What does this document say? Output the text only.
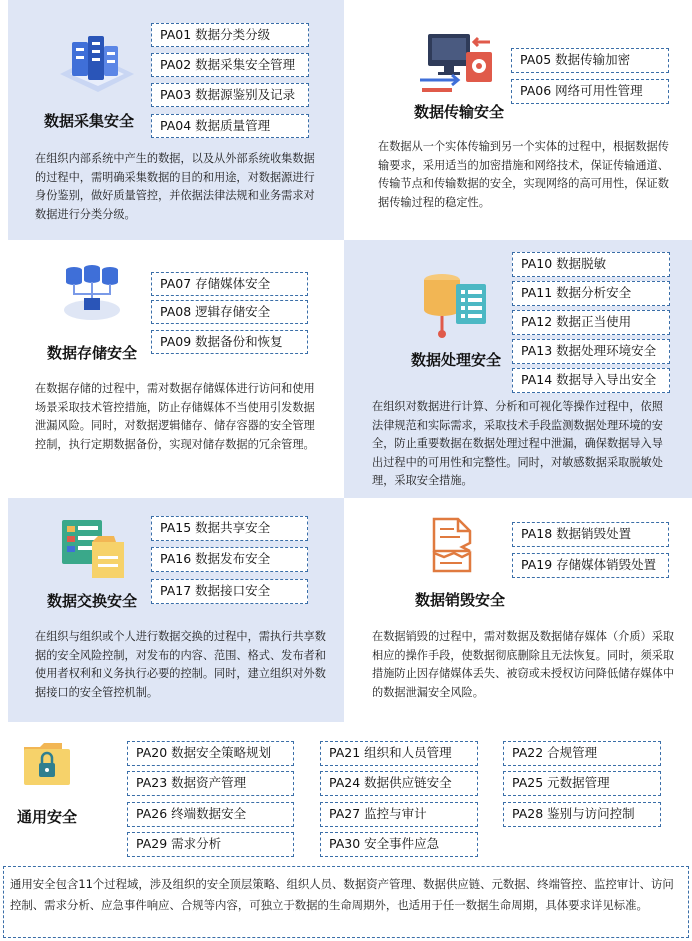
数据采集安全
PA01 数据分类分级
PA02 数据采集安全管理
PA03 数据源鉴别及记录
PA04 数据质量管理

在组织内部系统中产生的数据，以及从外部系统收集数据的过程中，需明确采集数据的目的和用途，对数据源进行身份鉴别，做好质量管控，并依据法律法规和业务需求对数据进行分类分级。

数据传输安全
PA05 数据传输加密
PA06 网络可用性管理

在数据从一个实体传输到另一个实体的过程中，根据数据传输要求，采用适当的加密措施和网络技术，保证传输通道、传输节点和传输数据的安全，实现网络的高可用性，保证数据传输过程的稳定性。

数据存储安全
PA07 存储媒体安全
PA08 逻辑存储安全
PA09 数据备份和恢复

在数据存储的过程中，需对数据存储媒体进行访问和使用场景采取技术管控措施，防止存储媒体不当使用引发数据泄漏风险。同时，对数据逻辑储存、储存容器的安全管理控制，执行定期数据备份，实现对储存数据的冗余管理。

数据处理安全
PA10 数据脱敏
PA11 数据分析安全
PA12 数据正当使用
PA13 数据处理环境安全
PA14 数据导入导出安全

在组织对数据进行计算、分析和可视化等操作过程中，依照法律规范和实际需求，采取技术手段监测数据处理环境的安全，防止重要数据在数据处理过程中泄漏，确保数据导入导出过程中的可用性和完整性。同时，对敏感数据采取脱敏处理，采取安全措施。

数据交换安全
PA15 数据共享安全
PA16 数据发布安全
PA17 数据接口安全

在组织与组织或个人进行数据交换的过程中，需执行共享数据的安全风险控制，对发布的内容、范围、格式、发布者和使用者权利和义务执行必要的控制。同时，建立组织对外数据接口的安全管控机制。

数据销毁安全
PA18 数据销毁处置
PA19 存储媒体销毁处置

在数据销毁的过程中，需对数据及数据储存媒体（介质）采取相应的操作手段，使数据彻底删除且无法恢复。同时，须采取措施防止因存储媒体丢失、被窃或未授权访问降低储存媒体中的数据泄漏安全风险。

通用安全
PA20 数据安全策略规划	PA21 组织和人员管理	PA22 合规管理
PA23 数据资产管理	PA24 数据供应链安全	PA25 元数据管理
PA26 终端数据安全	PA27 监控与审计	PA28 鉴别与访问控制
PA29 需求分析	PA30 安全事件应急
通用安全包含11个过程域，涉及组织的安全顶层策略、组织人员、数据资产管理、数据供应链、元数据、终端管控、监控审计、访问控制、需求分析、应急事件响应、合规等内容，可独立于数据的生命周期外，也适用于任一数据生命周期，具体要求详见标准。
